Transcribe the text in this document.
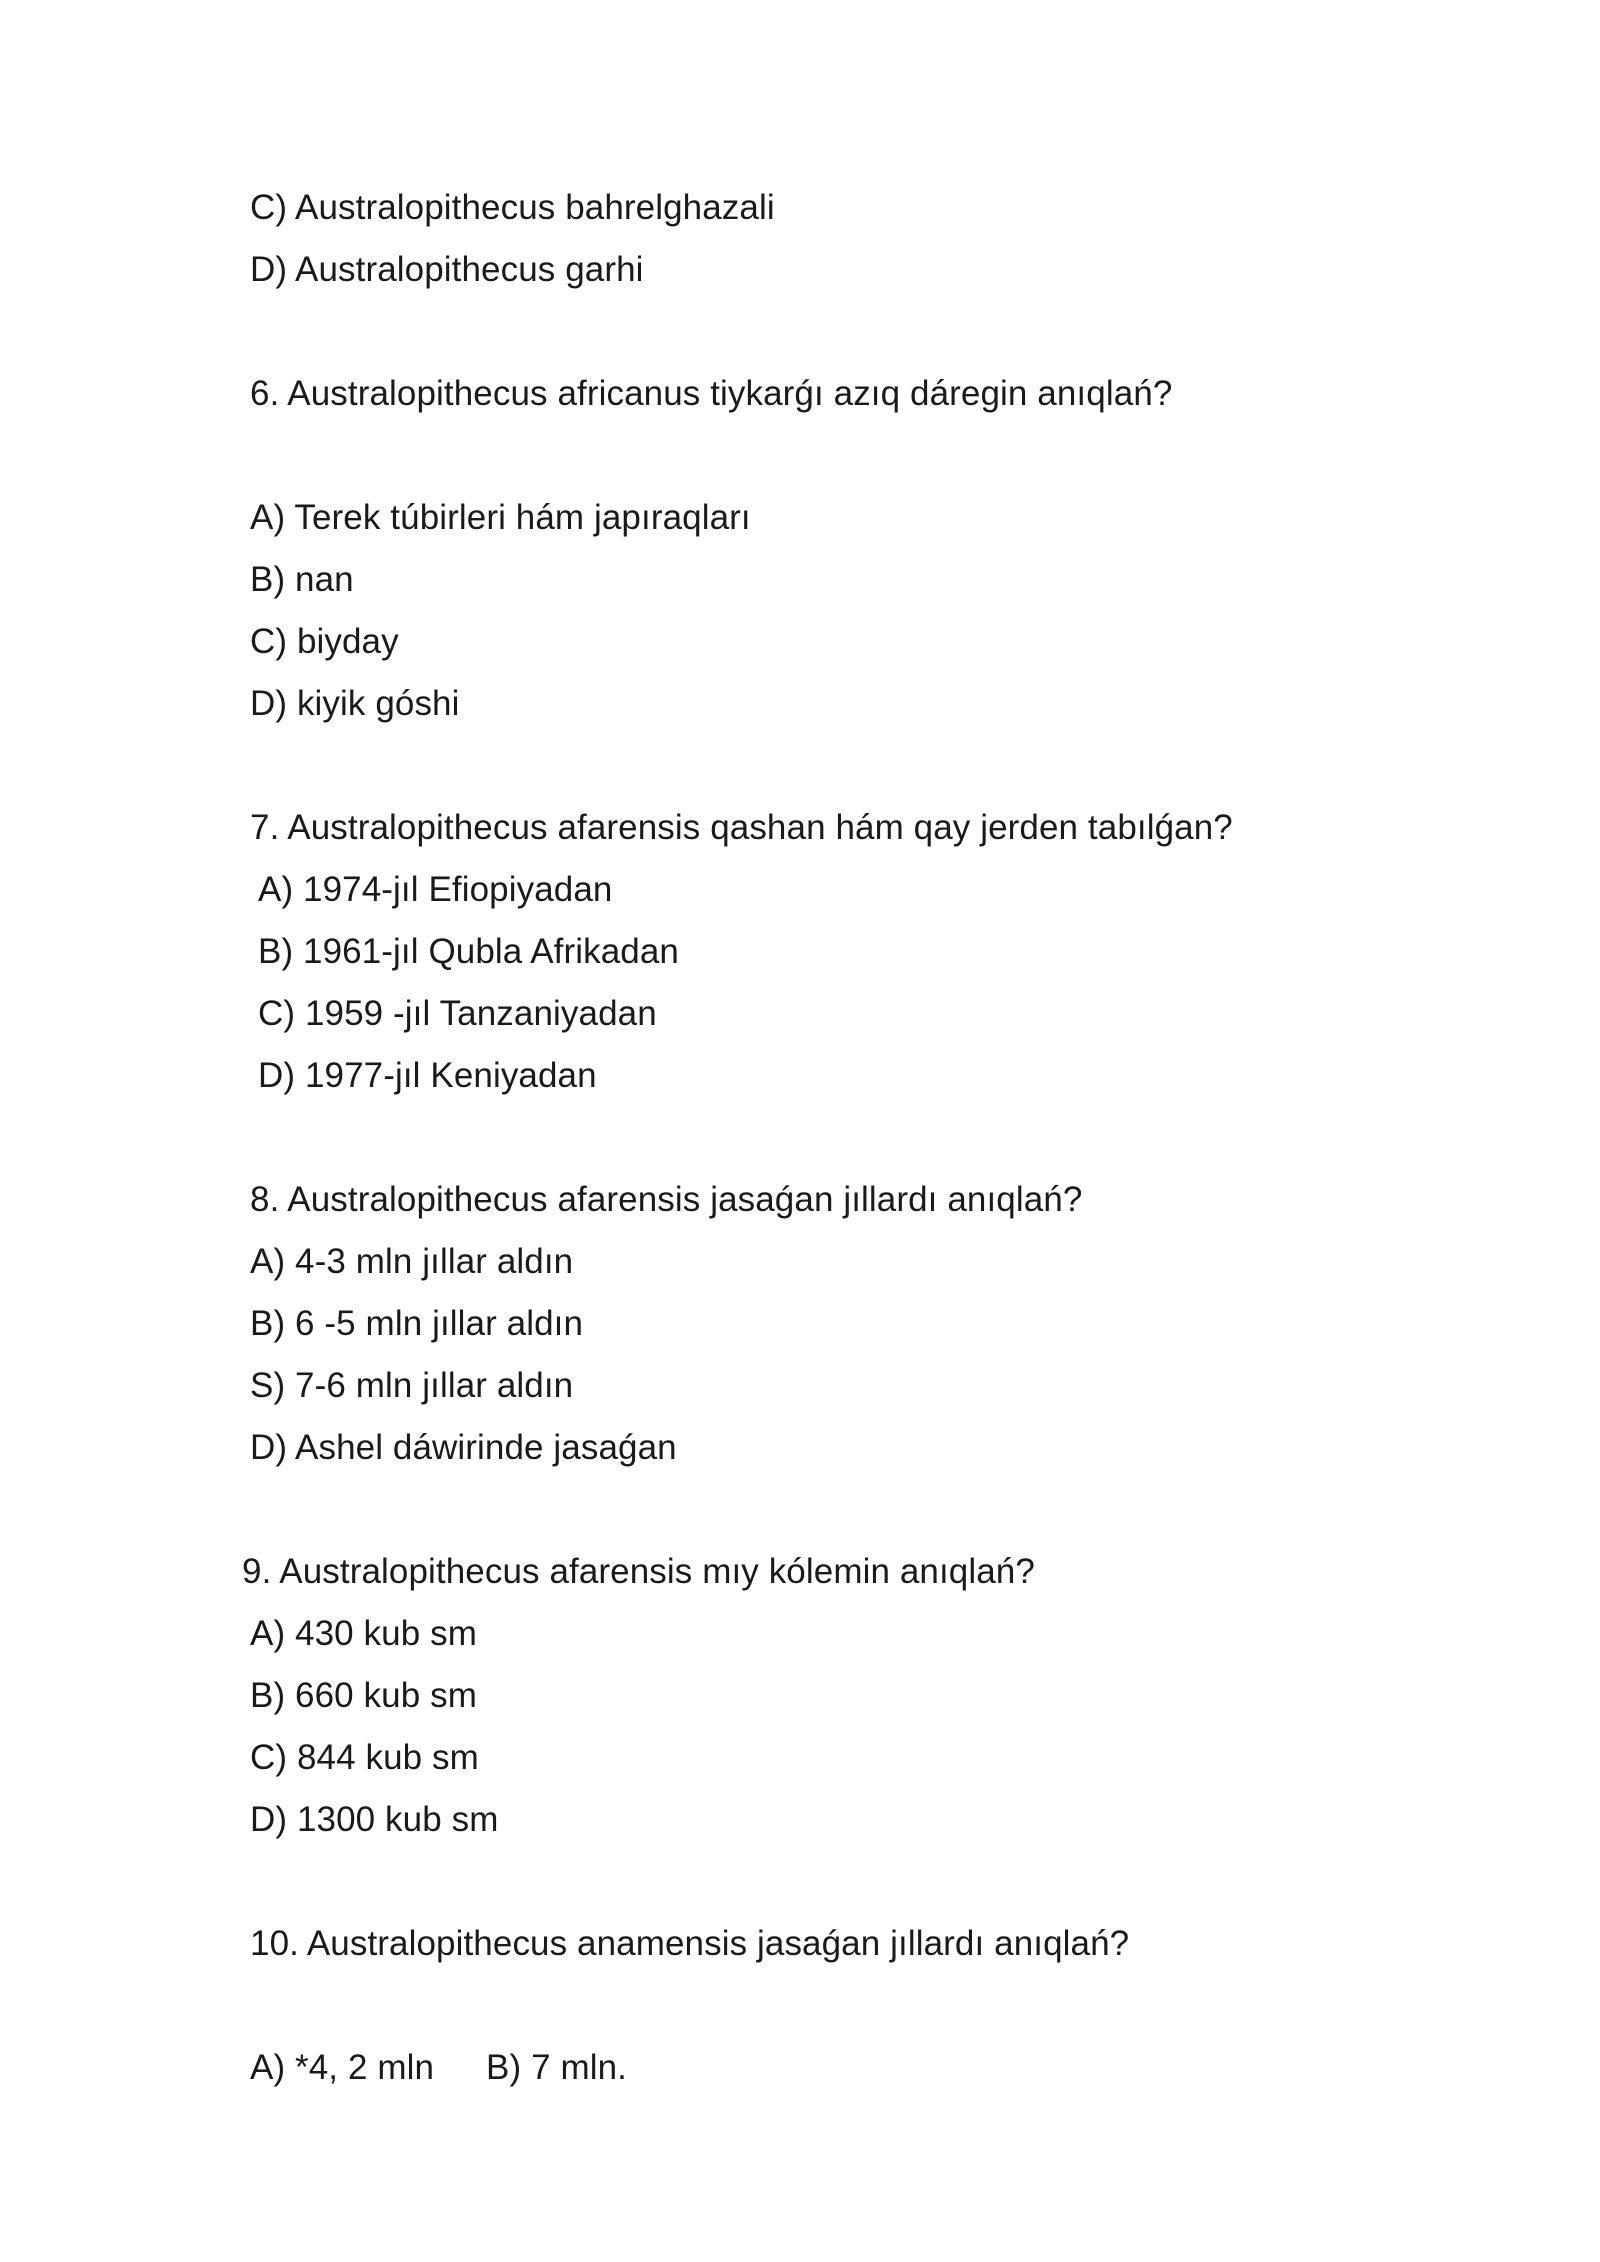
C) Australopithecus bahrelghazali
D) Australopithecus garhi
6. Australopithecus africanus tiykarǵı azıq dáregin anıqlań?
A) Terek túbirleri hám japıraqları
B) nan
C) biyday
D) kiyik góshi
7. Australopithecus afarensis qashan hám qay jerden tabılǵan?
A) 1974-jıl Efiopiyadan
B) 1961-jıl Qubla Afrikadan
C) 1959 -jıl Tanzaniyadan
D) 1977-jıl Keniyadan
8. Australopithecus afarensis jasaǵan jıllardı anıqlań?
A) 4-3 mln jıllar aldın
B) 6 -5 mln jıllar aldın
S) 7-6 mln jıllar aldın
D) Ashel dáwirinde jasaǵan
9. Australopithecus afarensis mıy kólemin anıqlań?
A) 430 kub sm
B) 660 kub sm
C) 844 kub sm
D) 1300 kub sm
10. Australopithecus anamensis jasaǵan jıllardı anıqlań?
A) *4, 2 mln B) 7 mln.
